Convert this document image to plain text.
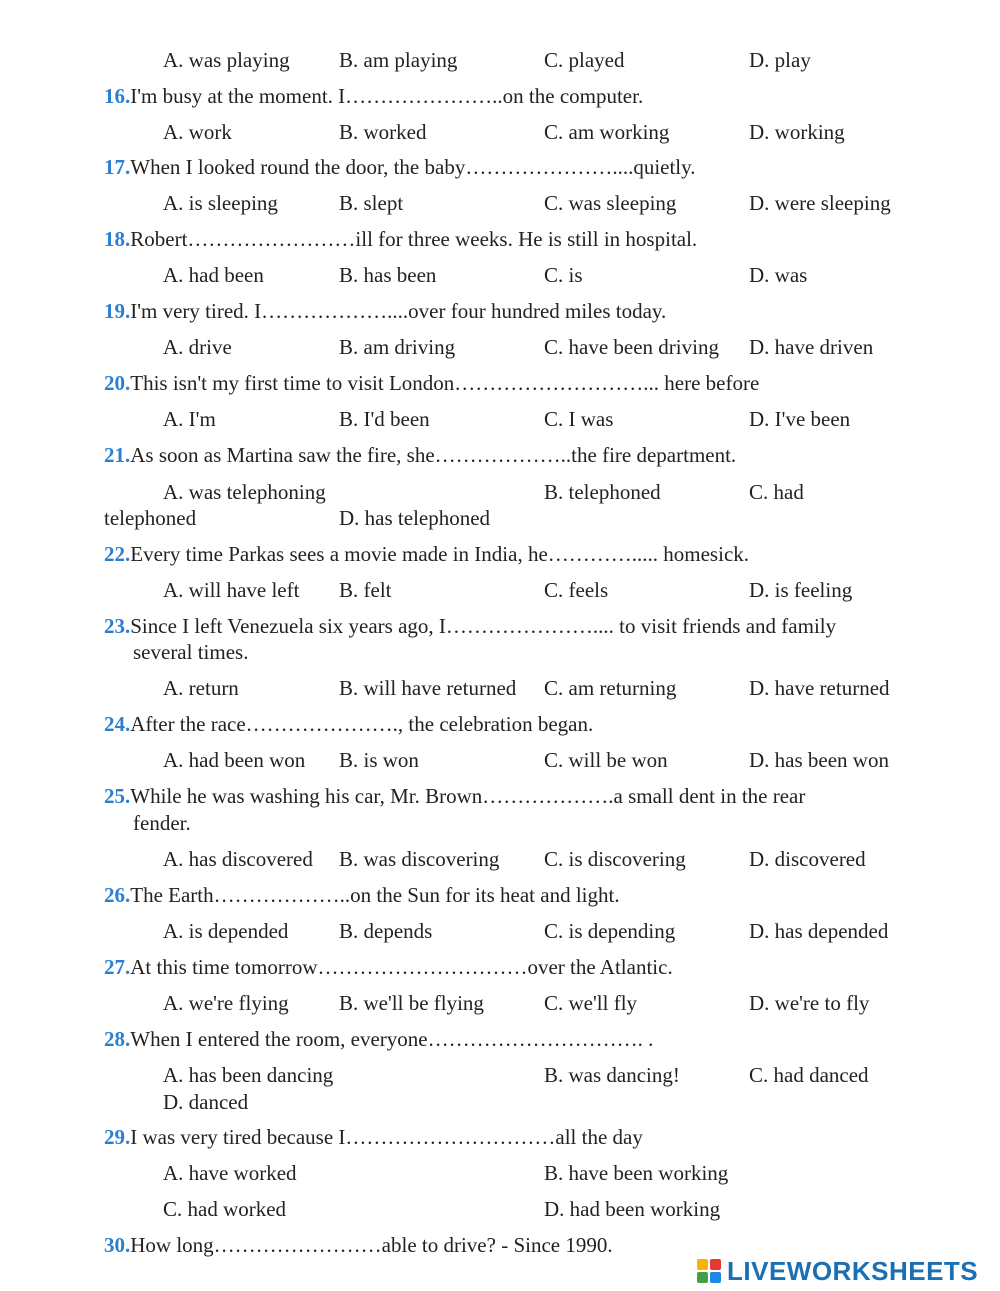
A. was playing B. am playing	C. played	D. play
16.I'm busy at the moment. I…………………..on the computer.
A. work	B. worked	C. am working	D. working
17.When I looked round the door, the baby…………………....quietly.
A. is sleeping	B. slept	C. was sleeping	D. were sleeping
18.Robert……………………ill for three weeks. He is still in hospital.
A. had been	B. has been	C. is	D. was
19.I'm very tired. I………………....over four hundred miles today.
A. drive	B. am driving	C. have been driving D. have driven
20.This isn't my first time to visit London………………………... here before
A. I'm	B. I'd been	C. I was	D. I've been
21.As soon as Martina saw the fire, she………………..the fire department.
A. was telephoning	B. telephoned	C. had
telephoned	D. has telephoned
22.Every time Parkas sees a movie made in India, he…………..... homesick.
A. will have left B. felt	C. feels	D. is feeling
23.Since I left Venezuela six years ago, I………………….... to visit friends and family
several times.
A. return	B. will have returned C. am returning	D. have returned
24.After the race…………………., the celebration began.
A. had been won B. is won	C. will be won	D. has been won
25.While he was washing his car, Mr. Brown……………….a small dent in the rear
fender.
A. has discovered B. was discovering C. is discovering	D. discovered
26.The Earth………………..on the Sun for its heat and light.
A. is depended B. depends	C. is depending	D. has depended
27.At this time tomorrow…………………………over the Atlantic.
A. we're flying B. we'll be flying	C. we'll fly	D. we're to fly
28.When I entered the room, everyone…………………………. .
A. has been dancing	B. was dancing!	C. had danced
D. danced
29.I was very tired because I…………………………all the day
A. have worked	B. have been working
C. had worked	D. had been working
30.How long……………………able to drive? - Since 1990.
LIVEWORKSHEETS
